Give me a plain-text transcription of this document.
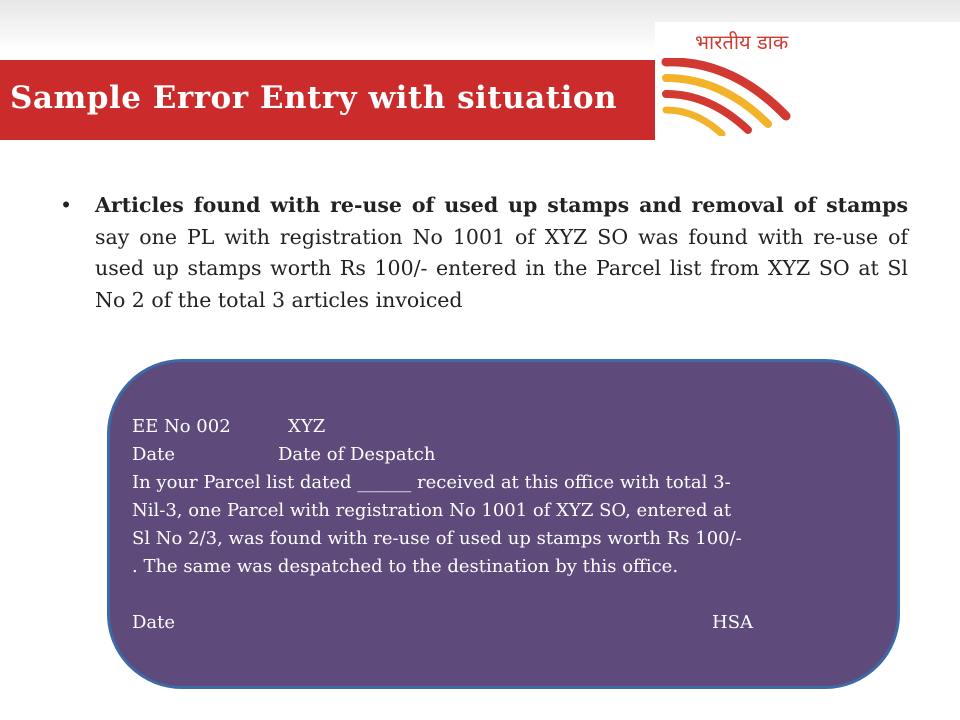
Sample Error Entry with situation
भारतीय डाक
• Articles found with re-use of used up stamps and removal of stamps say one PL with registration No 1001 of XYZ SO was found with re-use of used up stamps worth Rs 100/- entered in the Parcel list from XYZ SO at Sl No 2 of the total 3 articles invoiced
EE No 002	XYZ
Date	Date of Despatch
In your Parcel list dated ______ received at this office with total 3-
Nil-3, one Parcel with registration No 1001 of XYZ SO, entered at
Sl No 2/3, was found with re-use of used up stamps worth Rs 100/-
. The same was despatched to the destination by this office.
Date	HSA
